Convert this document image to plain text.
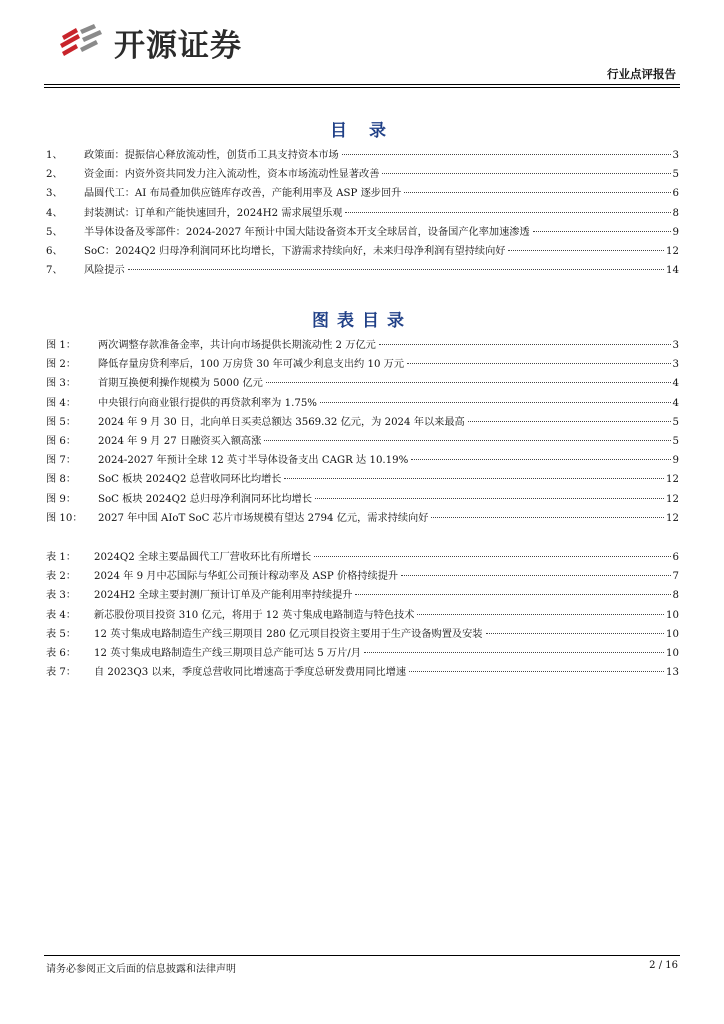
开源证券
行业点评报告
目 录
1、	政策面：提振信心释放流动性，创货币工具支持资本市场	3
2、	资金面：内资外资共同发力注入流动性，资本市场流动性显著改善	5
3、	晶圆代工：AI 布局叠加供应链库存改善，产能利用率及 ASP 逐步回升	6
4、	封装测试：订单和产能快速回升，2024H2 需求展望乐观	8
5、	半导体设备及零部件：2024-2027 年预计中国大陆设备资本开支全球居首，设备国产化率加速渗透	9
6、	SoC：2024Q2 归母净利润同环比均增长，下游需求持续向好，未来归母净利润有望持续向好	12
7、	风险提示	14
图表目录
图 1：	两次调整存款准备金率，共计向市场提供长期流动性 2 万亿元	3
图 2：	降低存量房贷利率后，100 万房贷 30 年可减少利息支出约 10 万元	3
图 3：	首期互换便利操作规模为 5000 亿元	4
图 4：	中央银行向商业银行提供的再贷款利率为 1.75%	4
图 5：	2024 年 9 月 30 日，北向单日买卖总额达 3569.32 亿元，为 2024 年以来最高	5
图 6：	2024 年 9 月 27 日融资买入额高涨	5
图 7：	2024-2027 年预计全球 12 英寸半导体设备支出 CAGR 达 10.19%	9
图 8：	SoC 板块 2024Q2 总营收同环比均增长	12
图 9：	SoC 板块 2024Q2 总归母净利润同环比均增长	12
图 10：	2027 年中国 AIoT SoC 芯片市场规模有望达 2794 亿元，需求持续向好	12
表 1：	2024Q2 全球主要晶圆代工厂营收环比有所增长	6
表 2：	2024 年 9 月中芯国际与华虹公司预计稼动率及 ASP 价格持续提升	7
表 3：	2024H2 全球主要封测厂预计订单及产能利用率持续提升	8
表 4：	新芯股份项目投资 310 亿元，将用于 12 英寸集成电路制造与特色技术	10
表 5：	12 英寸集成电路制造生产线三期项目 280 亿元项目投资主要用于生产设备购置及安装	10
表 6：	12 英寸集成电路制造生产线三期项目总产能可达 5 万片/月	10
表 7：	自 2023Q3 以来，季度总营收同比增速高于季度总研发费用同比增速	13
请务必参阅正文后面的信息披露和法律声明	2 / 16
